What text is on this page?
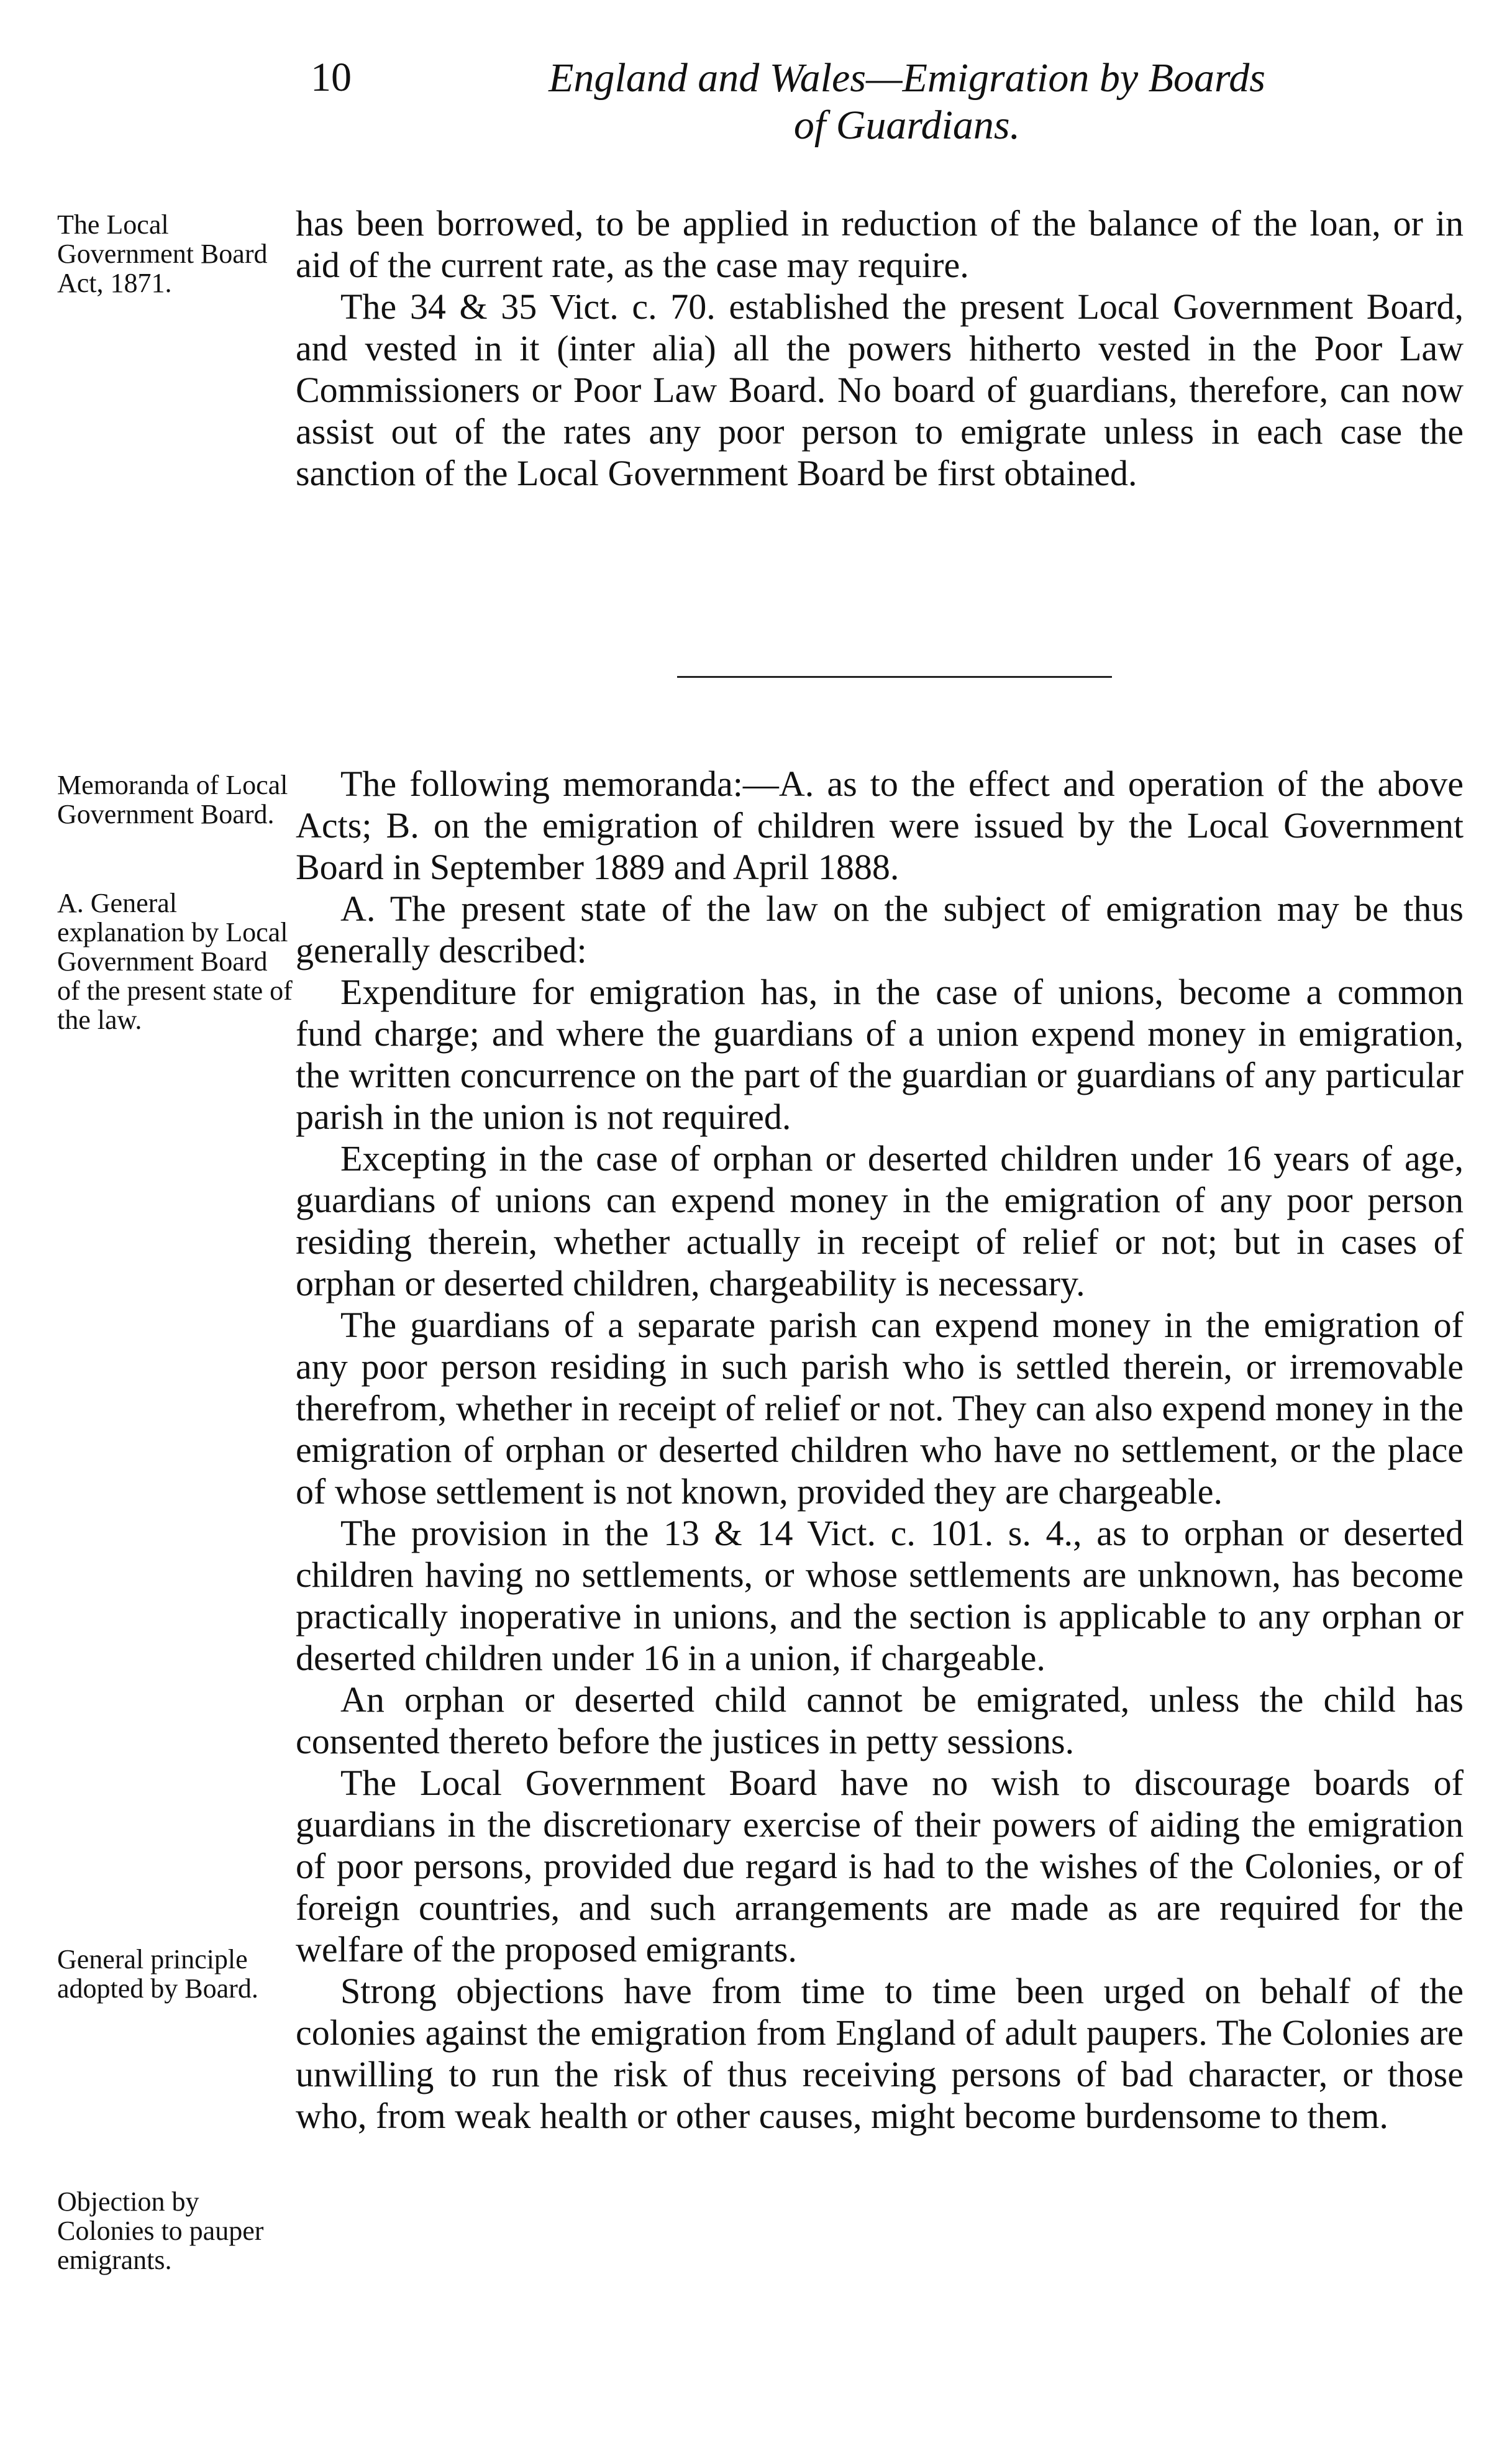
10	England and Wales—Emigration by Boards
of Guardians.
The Local Government Board Act, 1871.

has been borrowed, to be applied in reduction of the balance of the loan, or in aid of the current rate, as the case may require.

The 34 & 35 Vict. c. 70. established the present Local Government Board, and vested in it (inter alia) all the powers hitherto vested in the Poor Law Commissioners or Poor Law Board. No board of guardians, therefore, can now assist out of the rates any poor person to emigrate unless in each case the sanction of the Local Government Board be first obtained.

Memoranda of Local Government Board.
A. General explanation by Local Government Board of the present state of the law.
General principle adopted by Board.
Objection by Colonies to pauper emigrants.

The following memoranda:—A. as to the effect and operation of the above Acts; B. on the emigration of children were issued by the Local Government Board in September 1889 and April 1888.

A. The present state of the law on the subject of emigration may be thus generally described:

Expenditure for emigration has, in the case of unions, become a common fund charge; and where the guardians of a union expend money in emigration, the written concurrence on the part of the guardian or guardians of any particular parish in the union is not required.

Excepting in the case of orphan or deserted children under 16 years of age, guardians of unions can expend money in the emigration of any poor person residing therein, whether actually in receipt of relief or not; but in cases of orphan or deserted children, chargeability is necessary.

The guardians of a separate parish can expend money in the emigration of any poor person residing in such parish who is settled therein, or irremovable therefrom, whether in receipt of relief or not. They can also expend money in the emigration of orphan or deserted children who have no settlement, or the place of whose settlement is not known, provided they are chargeable.

The provision in the 13 & 14 Vict. c. 101. s. 4., as to orphan or deserted children having no settlements, or whose settlements are unknown, has become practically inoperative in unions, and the section is applicable to any orphan or deserted children under 16 in a union, if chargeable.

An orphan or deserted child cannot be emigrated, unless the child has consented thereto before the justices in petty sessions.

The Local Government Board have no wish to discourage boards of guardians in the discretionary exercise of their powers of aiding the emigration of poor persons, provided due regard is had to the wishes of the Colonies, or of foreign countries, and such arrangements are made as are required for the welfare of the proposed emigrants.

Strong objections have from time to time been urged on behalf of the colonies against the emigration from England of adult paupers. The Colonies are unwilling to run the risk of thus receiving persons of bad character, or those who, from weak health or other causes, might become burdensome to them.
